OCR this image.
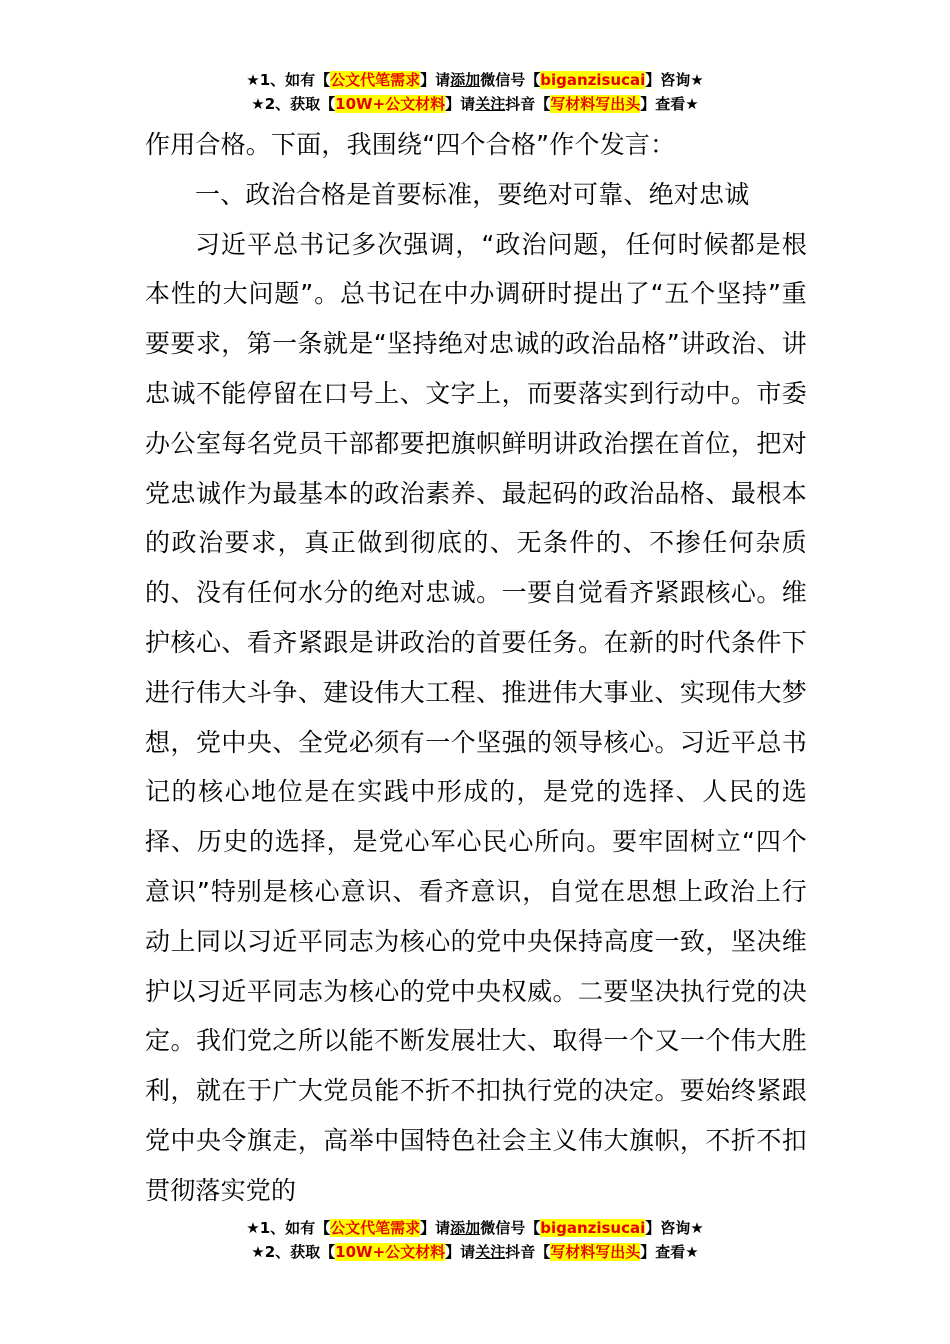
★1、如有【公文代笔需求】请添加微信号【biganzisucai】咨询★
★2、获取【10W+公文材料】请关注抖音【写材料写出头】查看★

作用合格。下面，我围绕“四个合格”作个发言：

一、政治合格是首要标准，要绝对可靠、绝对忠诚

习近平总书记多次强调，“政治问题，任何时候都是根本性的大问题”。总书记在中办调研时提出了“五个坚持”重要要求，第一条就是“坚持绝对忠诚的政治品格”讲政治、讲忠诚不能停留在口号上、文字上，而要落实到行动中。市委办公室每名党员干部都要把旗帜鲜明讲政治摆在首位，把对党忠诚作为最基本的政治素养、最起码的政治品格、最根本的政治要求，真正做到彻底的、无条件的、不掺任何杂质的、没有任何水分的绝对忠诚。一要自觉看齐紧跟核心。维护核心、看齐紧跟是讲政治的首要任务。在新的时代条件下进行伟大斗争、建设伟大工程、推进伟大事业、实现伟大梦想，党中央、全党必须有一个坚强的领导核心。习近平总书记的核心地位是在实践中形成的，是党的选择、人民的选择、历史的选择，是党心军心民心所向。要牢固树立“四个意识”特别是核心意识、看齐意识，自觉在思想上政治上行动上同以习近平同志为核心的党中央保持高度一致，坚决维护以习近平同志为核心的党中央权威。二要坚决执行党的决定。我们党之所以能不断发展壮大、取得一个又一个伟大胜利，就在于广大党员能不折不扣执行党的决定。要始终紧跟党中央令旗走，高举中国特色社会主义伟大旗帜，不折不扣贯彻落实党的

★1、如有【公文代笔需求】请添加微信号【biganzisucai】咨询★
★2、获取【10W+公文材料】请关注抖音【写材料写出头】查看★
